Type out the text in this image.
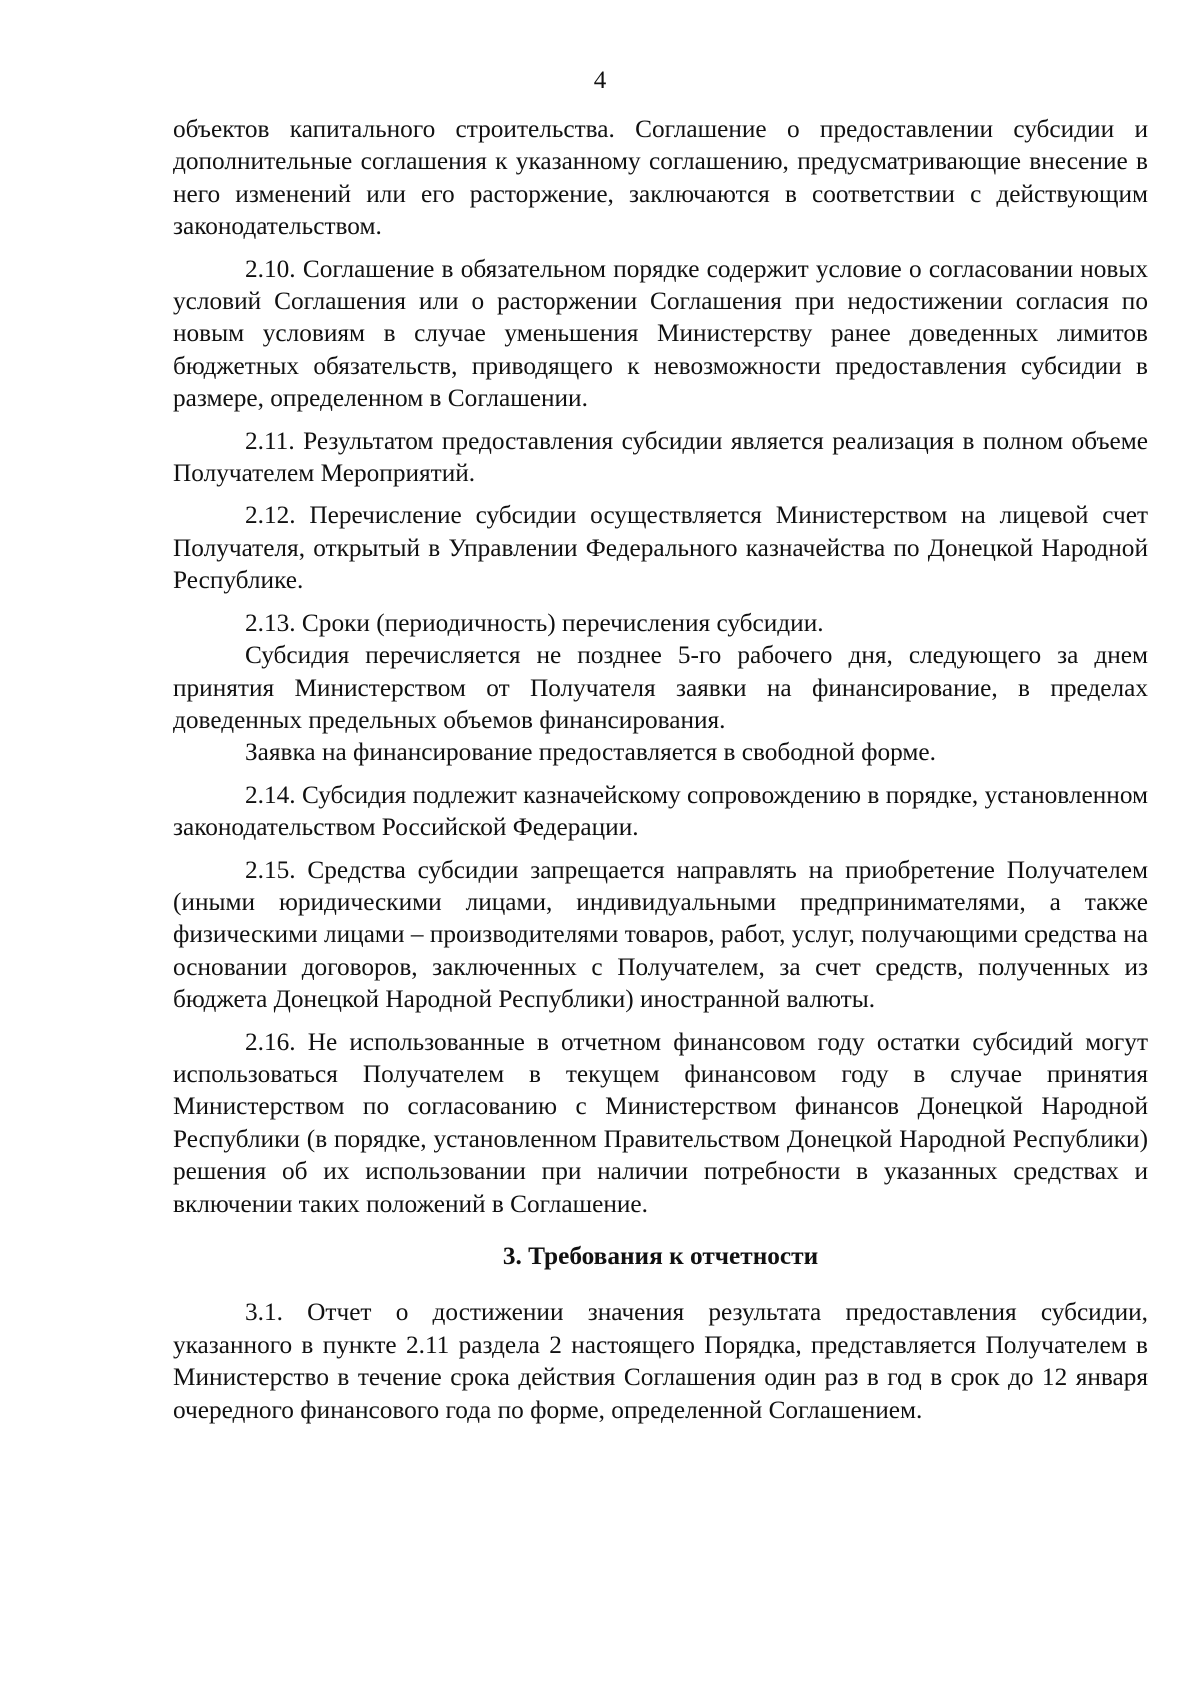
4

объектов капитального строительства. Соглашение о предоставлении субсидии и дополнительные соглашения к указанному соглашению, предусматривающие внесение в него изменений или его расторжение, заключаются в соответствии с действующим законодательством.

2.10. Соглашение в обязательном порядке содержит условие о согласовании новых условий Соглашения или о расторжении Соглашения при недостижении согласия по новым условиям в случае уменьшения Министерству ранее доведенных лимитов бюджетных обязательств, приводящего к невозможности предоставления субсидии в размере, определенном в Соглашении.

2.11. Результатом предоставления субсидии является реализация в полном объеме Получателем Мероприятий.

2.12. Перечисление субсидии осуществляется Министерством на лицевой счет Получателя, открытый в Управлении Федерального казначейства по Донецкой Народной Республике.

2.13. Сроки (периодичность) перечисления субсидии.

Субсидия перечисляется не позднее 5-го рабочего дня, следующего за днем принятия Министерством от Получателя заявки на финансирование, в пределах доведенных предельных объемов финансирования.

Заявка на финансирование предоставляется в свободной форме.

2.14. Субсидия подлежит казначейскому сопровождению в порядке, установленном законодательством Российской Федерации.

2.15. Средства субсидии запрещается направлять на приобретение Получателем (иными юридическими лицами, индивидуальными предпринимателями, а также физическими лицами – производителями товаров, работ, услуг, получающими средства на основании договоров, заключенных с Получателем, за счет средств, полученных из бюджета Донецкой Народной Республики) иностранной валюты.

2.16. Не использованные в отчетном финансовом году остатки субсидий могут использоваться Получателем в текущем финансовом году в случае принятия Министерством по согласованию с Министерством финансов Донецкой Народной Республики (в порядке, установленном Правительством Донецкой Народной Республики) решения об их использовании при наличии потребности в указанных средствах и включении таких положений в Соглашение.

3. Требования к отчетности

3.1. Отчет о достижении значения результата предоставления субсидии, указанного в пункте 2.11 раздела 2 настоящего Порядка, представляется Получателем в Министерство в течение срока действия Соглашения один раз в год в срок до 12 января очередного финансового года по форме, определенной Соглашением.
